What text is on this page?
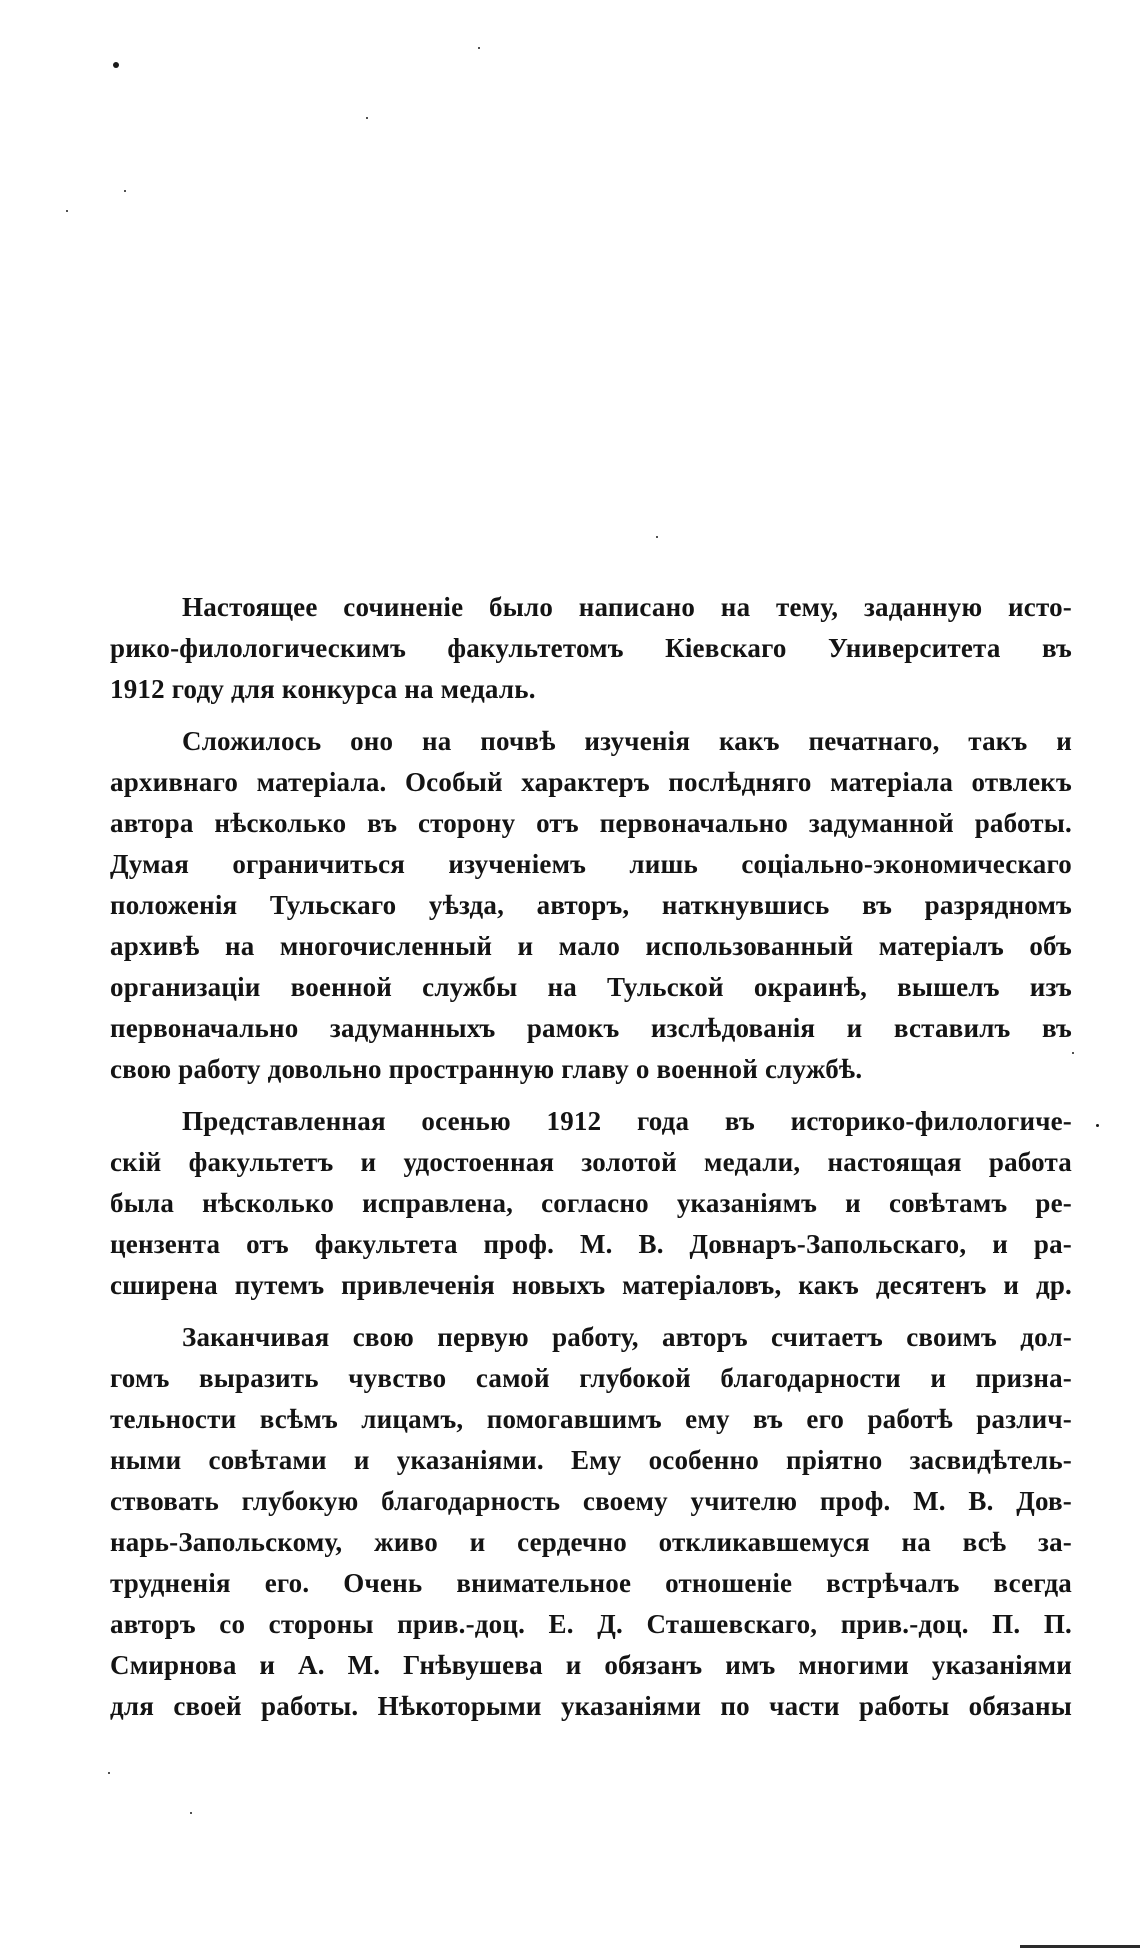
Настоящее сочиненіе было написано на тему, заданную исто-
рико-филологическимъ факультетомъ Кіевскаго Университета въ
1912 году для конкурса на медаль.
Сложилось оно на почвѣ изученія какъ печатнаго, такъ и
архивнаго матеріала. Особый характеръ послѣдняго матеріала отвлекъ
автора нѣсколько въ сторону отъ первоначально задуманной работы.
Думая ограничиться изученіемъ лишь соціально-экономическаго
положенія Тульскаго уѣзда, авторъ, наткнувшись въ разрядномъ
архивѣ на многочисленный и мало использованный матеріалъ объ
организаціи военной службы на Тульской окраинѣ, вышелъ изъ
первоначально задуманныхъ рамокъ изслѣдованія и вставилъ въ
свою работу довольно пространную главу о военной службѣ.
Представленная осенью 1912 года въ историко-филологиче-
скій факультетъ и удостоенная золотой медали, настоящая работа
была нѣсколько исправлена, согласно указаніямъ и совѣтамъ ре-
цензента отъ факультета проф. М. В. Довнаръ-Запольскаго, и ра-
сширена путемъ привлеченія новыхъ матеріаловъ, какъ десятенъ и др.
Заканчивая свою первую работу, авторъ считаетъ своимъ дол-
гомъ выразить чувство самой глубокой благодарности и призна-
тельности всѣмъ лицамъ, помогавшимъ ему въ его работѣ различ-
ными совѣтами и указаніями. Ему особенно пріятно засвидѣтель-
ствовать глубокую благодарность своему учителю проф. М. В. Дов-
нарь-Запольскому, живо и сердечно откликавшемуся на всѣ за-
трудненія его. Очень внимательное отношеніе встрѣчалъ всегда
авторъ со стороны прив.-доц. Е. Д. Сташевскаго, прив.-доц. П. П.
Смирнова и А. М. Гнѣвушева и обязанъ имъ многими указаніями
для своей работы. Нѣкоторыми указаніями по части работы обязаны
